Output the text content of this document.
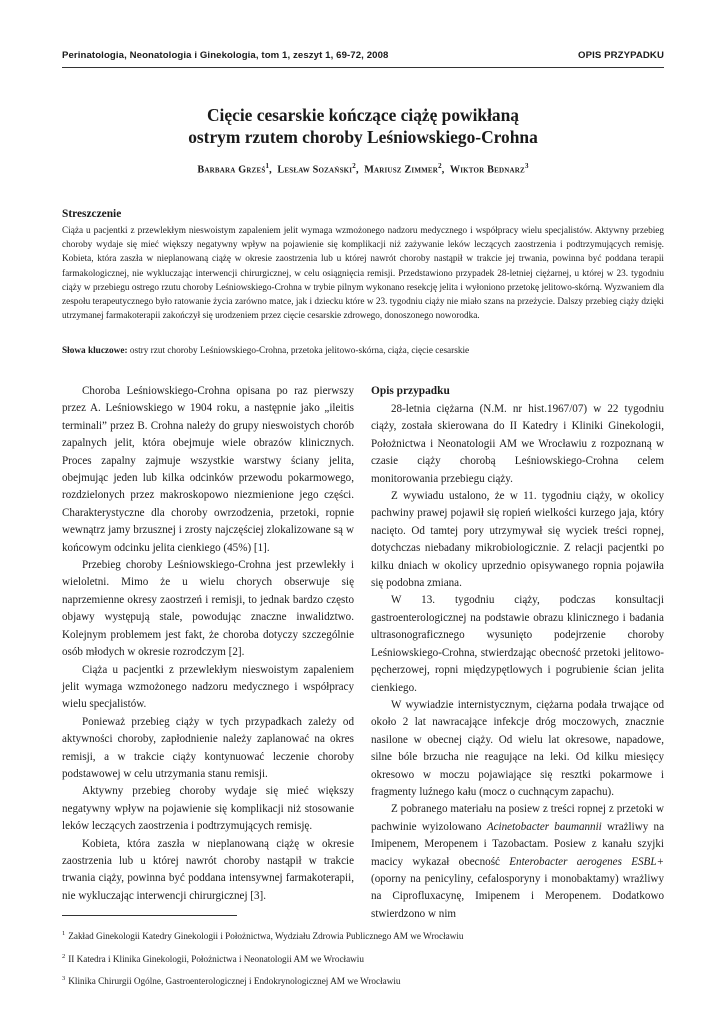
Perinatologia, Neonatologia i Ginekologia, tom 1, zeszyt 1, 69-72, 2008	OPIS PRZYPADKU
Cięcie cesarskie kończące ciążę powikłaną
ostrym rzutem choroby Leśniowskiego-Crohna
Barbara Grześ$^1$,  Lesław Sozański$^2$,  Mariusz Zimmer$^2$,  Wiktor Bednarz$^3$
Streszczenie

Ciąża u pacjentki z przewlekłym nieswoistym zapaleniem jelit wymaga wzmożonego nadzoru medycznego i współpracy wielu specjalistów. Aktywny przebieg choroby wydaje się mieć większy negatywny wpływ na pojawienie się komplikacji niż zażywanie leków leczących zaostrzenia i podtrzymujących remisję. Kobieta, która zaszła w nieplanowaną ciążę w okresie zaostrzenia lub u której nawrót choroby nastąpił w trakcie jej trwania, powinna być poddana terapii farmakologicznej, nie wykluczając interwencji chirurgicznej, w celu osiągnięcia remisji. Przedstawiono przypadek 28-letniej ciężarnej, u której w 23. tygodniu ciąży w przebiegu ostrego rzutu choroby Leśniowskiego-Crohna w trybie pilnym wykonano resekcję jelita i wyłoniono przetokę jelitowo-skórną. Wyzwaniem dla zespołu terapeutycznego było ratowanie życia zarówno matce, jak i dziecku które w 23. tygodniu ciąży nie miało szans na przeżycie. Dalszy przebieg ciąży dzięki utrzymanej farmakoterapii zakończył się urodzeniem przez cięcie cesarskie zdrowego, donoszonego noworodka.

Słowa kluczowe: ostry rzut choroby Leśniowskiego-Crohna, przetoka jelitowo-skórna, ciąża, cięcie cesarskie

Choroba Leśniowskiego-Crohna opisana po raz pierwszy przez A. Leśniowskiego w 1904 roku, a następnie jako „ileitis terminali” przez B. Crohna należy do grupy nieswoistych chorób zapalnych jelit, która obejmuje wiele obrazów klinicznych. Proces zapalny zajmuje wszystkie warstwy ściany jelita, obejmując jeden lub kilka odcinków przewodu pokarmowego, rozdzielonych przez makroskopowo niezmienione jego części. Charakterystyczne dla choroby owrzodzenia, przetoki, ropnie wewnątrz jamy brzusznej i zrosty najczęściej zlokalizowane są w końcowym odcinku jelita cienkiego (45%) [1].

Przebieg choroby Leśniowskiego-Crohna jest przewlekły i wieloletni. Mimo że u wielu chorych obserwuje się naprzemienne okresy zaostrzeń i remisji, to jednak bardzo często objawy występują stale, powodując znaczne inwalidztwo. Kolejnym problemem jest fakt, że choroba dotyczy szczególnie osób młodych w okresie rozrodczym [2].

Ciąża u pacjentki z przewlekłym nieswoistym zapaleniem jelit wymaga wzmożonego nadzoru medycznego i współpracy wielu specjalistów.

Ponieważ przebieg ciąży w tych przypadkach zależy od aktywności choroby, zapłodnienie należy zaplanować na okres remisji, a w trakcie ciąży kontynuować leczenie choroby podstawowej w celu utrzymania stanu remisji.

Aktywny przebieg choroby wydaje się mieć większy negatywny wpływ na pojawienie się komplikacji niż stosowanie leków leczących zaostrzenia i podtrzymujących remisję.

Kobieta, która zaszła w nieplanowaną ciążę w okresie zaostrzenia lub u której nawrót choroby nastąpił w trakcie trwania ciąży, powinna być poddana intensywnej farmakoterapii, nie wykluczając interwencji chirurgicznej [3].

Opis przypadku

28-letnia ciężarna (N.M. nr hist.1967/07) w 22 tygodniu ciąży, została skierowana do II Katedry i Kliniki Ginekologii, Położnictwa i Neonatologii AM we Wrocławiu z rozpoznaną w czasie ciąży chorobą Leśniowskiego-Crohna celem monitorowania przebiegu ciąży.

Z wywiadu ustalono, że w 11. tygodniu ciąży, w okolicy pachwiny prawej pojawił się ropień wielkości kurzego jaja, który nacięto. Od tamtej pory utrzymywał się wyciek treści ropnej, dotychczas niebadany mikrobiologicznie. Z relacji pacjentki po kilku dniach w okolicy uprzednio opisywanego ropnia pojawiła się podobna zmiana.

W 13. tygodniu ciąży, podczas konsultacji gastroenterologicznej na podstawie obrazu klinicznego i badania ultrasonograficznego wysunięto podejrzenie choroby Leśniowskiego-Crohna, stwierdzając obecność przetoki jelitowo-pęcherzowej, ropni międzypętlowych i pogrubienie ścian jelita cienkiego.

W wywiadzie internistycznym, ciężarna podała trwające od około 2 lat nawracające infekcje dróg moczowych, znacznie nasilone w obecnej ciąży. Od wielu lat okresowe, napadowe, silne bóle brzucha nie reagujące na leki. Od kilku miesięcy okresowo w moczu pojawiające się resztki pokarmowe i fragmenty luźnego kału (mocz o cuchnącym zapachu).

Z pobranego materiału na posiew z treści ropnej z przetoki w pachwinie wyizolowano Acinetobacter baumannii wrażliwy na Imipenem, Meropenem i Tazobactam. Posiew z kanału szyjki macicy wykazał obecność Enterobacter aerogenes ESBL+ (oporny na penicyliny, cefalosporyny i monobaktamy) wrażliwy na Ciprofluxacynę, Imipenem i Meropenem. Dodatkowo stwierdzono w nim

$^1$ Zakład Ginekologii Katedry Ginekologii i Położnictwa, Wydziału Zdrowia Publicznego AM we Wrocławiu
$^2$ II Katedra i Klinika Ginekologii, Położnictwa i Neonatologii AM we Wrocławiu
$^3$ Klinika Chirurgii Ogólne, Gastroenterologicznej i Endokrynologicznej AM we Wrocławiu
